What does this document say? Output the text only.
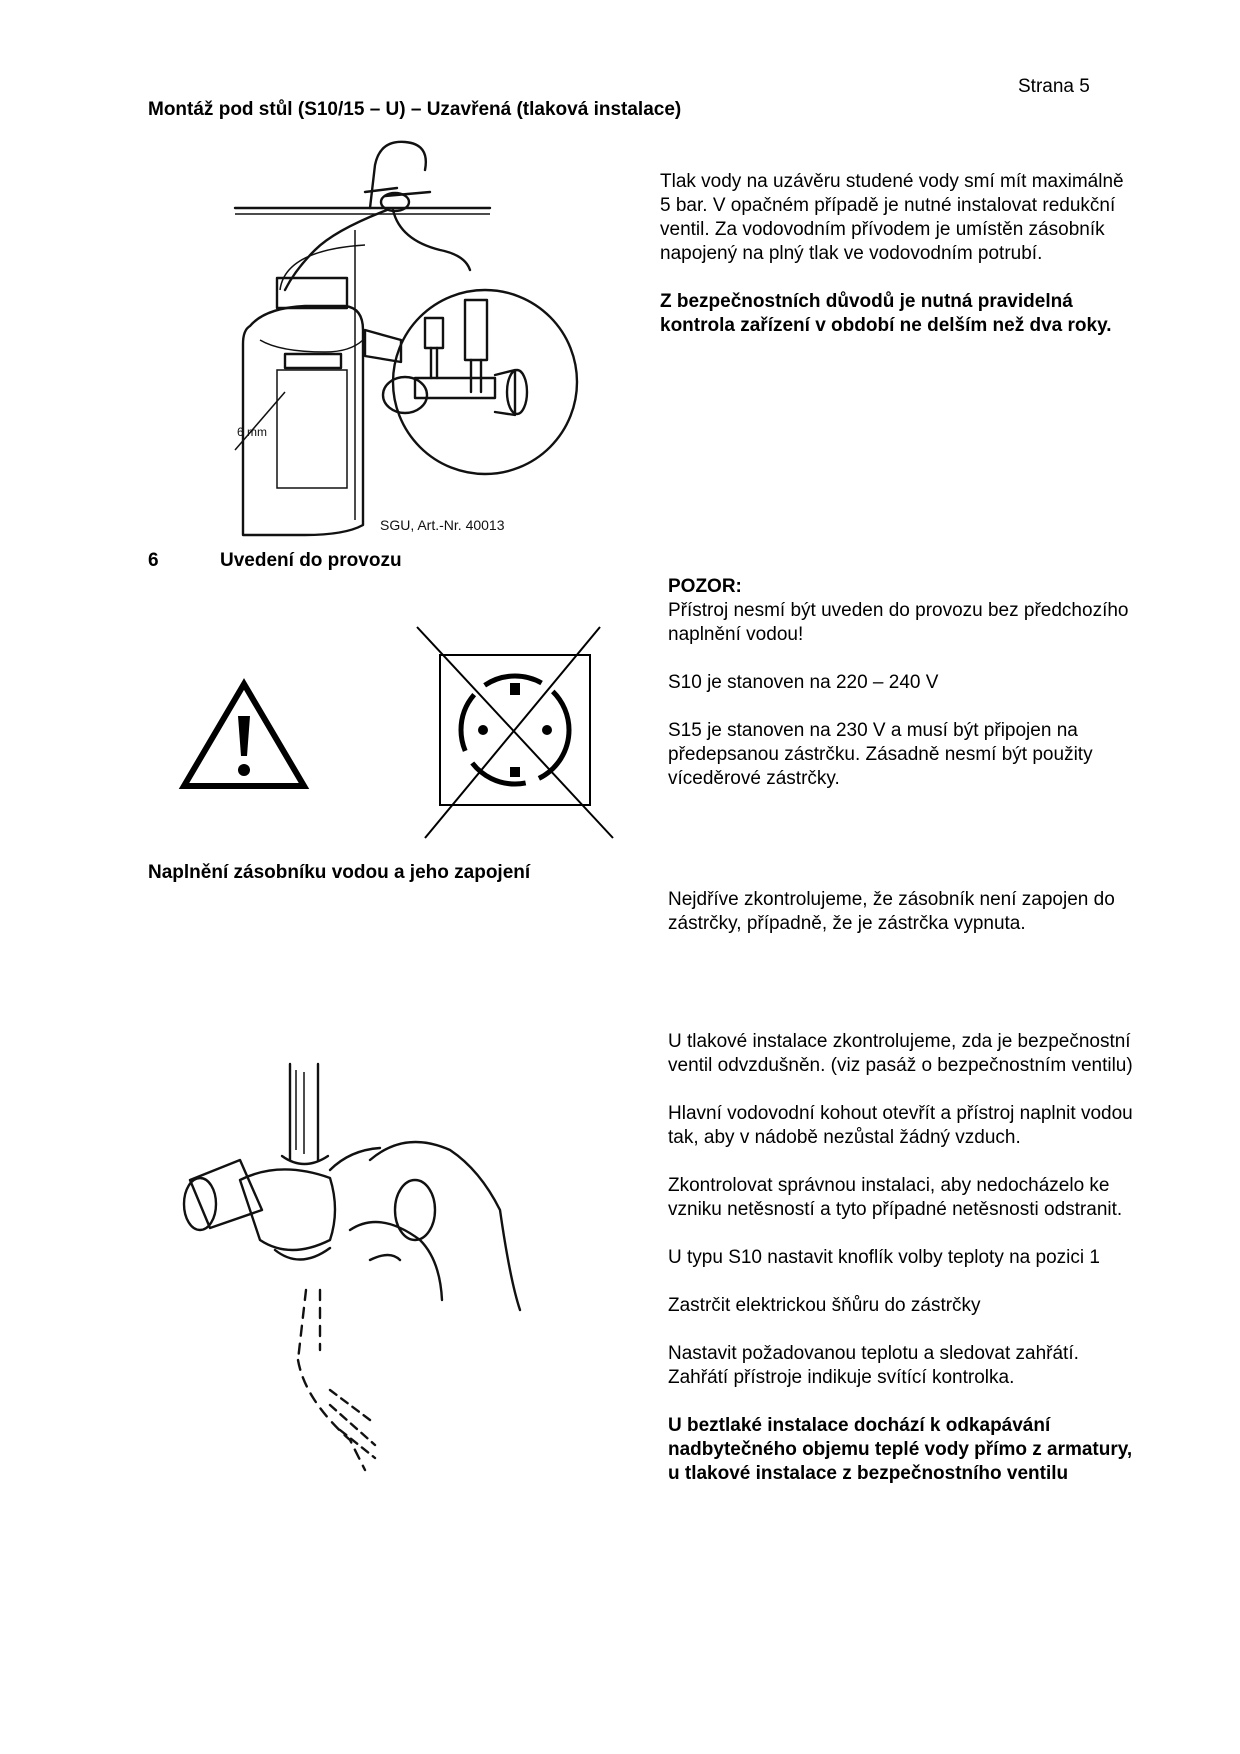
Strana 5
Montáž pod stůl (S10/15 – U) – Uzavřená (tlaková instalace)
6 mm
SGU, Art.-Nr. 40013

Tlak vody na uzávěru studené vody smí mít maximálně 5 bar. V opačném případě je nutné instalovat redukční ventil. Za vodovodním přívodem je umístěn zásobník napojený na plný tlak ve vodovodním potrubí.

Z bezpečnostních důvodů je nutná pravidelná kontrola zařízení v období ne delším než dva roky.

6	Uvedení do provozu

POZOR:

Přístroj nesmí být uveden do provozu bez předchozího naplnění vodou!

S10 je stanoven na 220 – 240 V

S15 je stanoven na 230 V a musí být připojen na předepsanou zástrčku. Zásadně nesmí být použity víceděrové zástrčky.

Naplnění zásobníku vodou a jeho zapojení

Nejdříve zkontrolujeme, že zásobník není zapojen do zástrčky, případně, že je zástrčka vypnuta.

U tlakové instalace zkontrolujeme, zda je bezpečnostní ventil odvzdušněn. (viz pasáž o bezpečnostním ventilu)

Hlavní vodovodní kohout otevřít a přístroj naplnit vodou tak, aby v nádobě nezůstal žádný vzduch.

Zkontrolovat správnou instalaci, aby nedocházelo ke vzniku netěsností a tyto případné netěsnosti odstranit.

U typu S10 nastavit knoflík volby teploty na pozici 1

Zastrčit elektrickou šňůru do zástrčky

Nastavit požadovanou teplotu a sledovat zahřátí. Zahřátí přístroje indikuje svítící kontrolka.

U beztlaké instalace dochází k odkapávání nadbytečného objemu teplé vody přímo z armatury, u tlakové instalace z bezpečnostního ventilu
